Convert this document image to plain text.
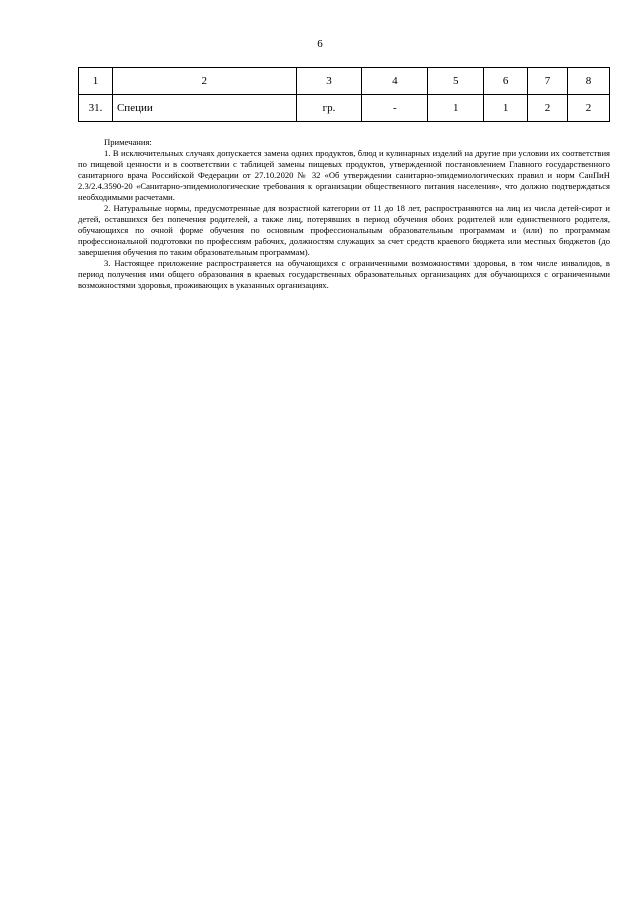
6
1	2	3	4	5	6	7	8
31.	Специи	гр.	-	1	1	2	2

Примечания:

1. В исключительных случаях допускается замена одних продуктов, блюд и кулинарных изделий на другие при условии их соответствия по пищевой ценности и в соответствии с таблицей замены пищевых продуктов, утвержденной постановлением Главного государственного санитарного врача Российской Федерации от 27.10.2020 № 32 «Об утверждении санитарно-эпидемиологических правил и норм СанПиН 2.3/2.4.3590-20 «Санитарно-эпидемиологические требования к организации общественного питания населения», что должно подтверждаться необходимыми расчетами.

2. Натуральные нормы, предусмотренные для возрастной категории от 11 до 18 лет, распространяются на лиц из числа детей-сирот и детей, оставшихся без попечения родителей, а также лиц, потерявших в период обучения обоих родителей или единственного родителя, обучающихся по очной форме обучения по основным профессиональным образовательным программам и (или) по программам профессиональной подготовки по профессиям рабочих, должностям служащих за счет средств краевого бюджета или местных бюджетов (до завершения обучения по таким образовательным программам).

3. Настоящее приложение распространяется на обучающихся с ограниченными возможностями здоровья, в том числе инвалидов, в период получения ими общего образования в краевых государственных образовательных организациях для обучающихся с ограниченными возможностями здоровья, проживающих в указанных организациях.
